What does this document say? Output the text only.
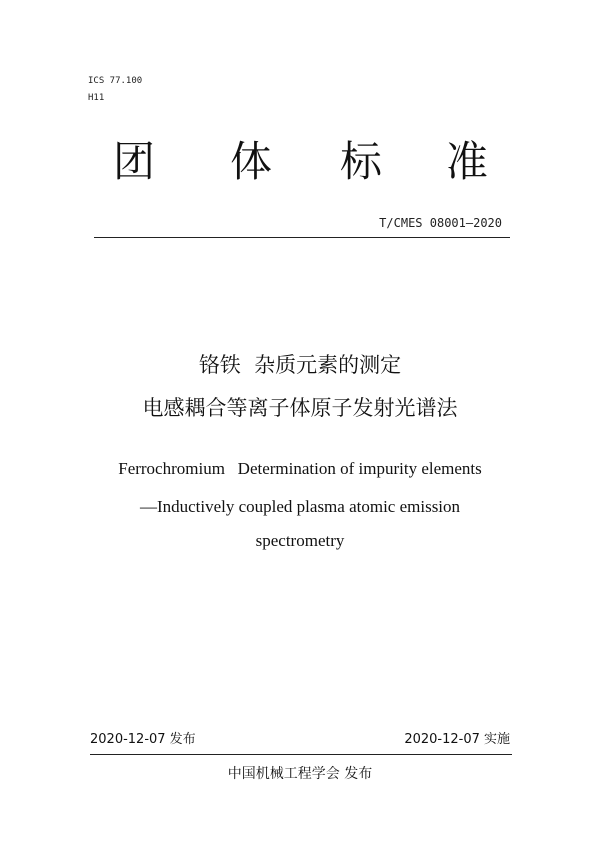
ICS 77.100
H11
团 体 标 准
T/CMES 08001—2020
铬铁  杂质元素的测定
电感耦合等离子体原子发射光谱法
Ferrochromium   Determination of impurity elements
—Inductively coupled plasma atomic emission
spectrometry
2020-12-07 发布	2020-12-07 实施
中国机械工程学会 发布
